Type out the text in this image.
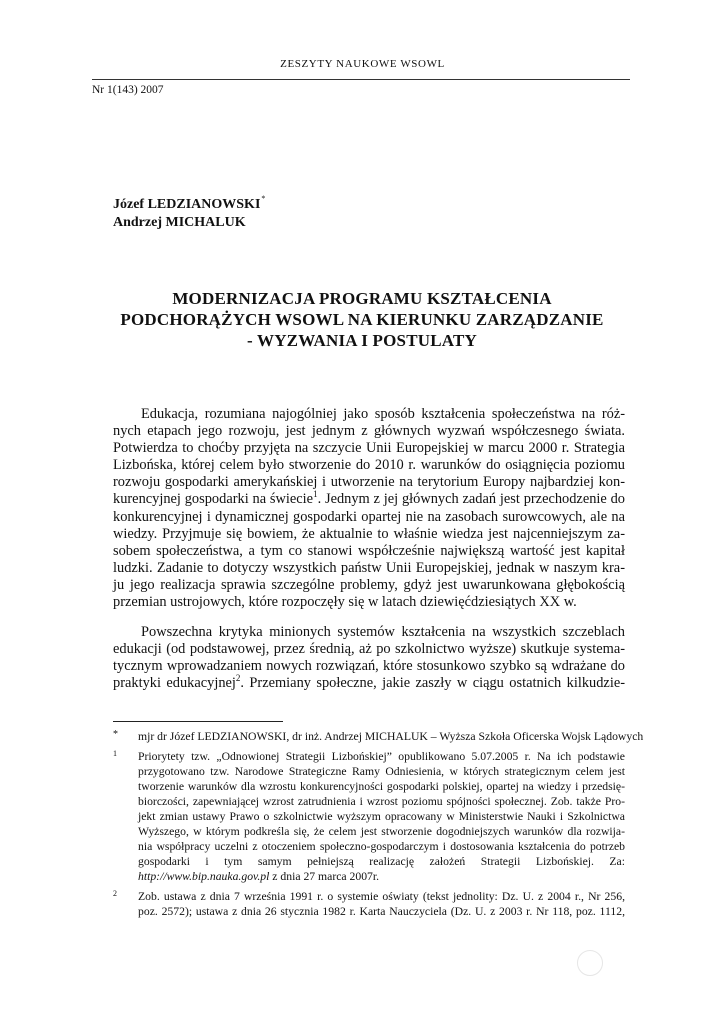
ZESZYTY NAUKOWE WSOWL
Nr 1(143) 2007
Józef LEDZIANOWSKI*
Andrzej MICHALUK
MODERNIZACJA PROGRAMU KSZTAŁCENIA
PODCHORĄŻYCH WSOWL NA KIERUNKU ZARZĄDZANIE
- WYZWANIA I POSTULATY

Edukacja, rozumiana najogólniej jako sposób kształcenia społeczeństwa na róż-
nych etapach jego rozwoju, jest jednym z głównych wyzwań współczesnego świata.
Potwierdza to choćby przyjęta na szczycie Unii Europejskiej w marcu 2000 r. Strategia
Lizbońska, której celem było stworzenie do 2010 r. warunków do osiągnięcia poziomu
rozwoju gospodarki amerykańskiej i utworzenie na terytorium Europy najbardziej kon-
kurencyjnej gospodarki na świecie$^1$. Jednym z jej głównych zadań jest przechodzenie do
konkurencyjnej i dynamicznej gospodarki opartej nie na zasobach surowcowych, ale na
wiedzy. Przyjmuje się bowiem, że aktualnie to właśnie wiedza jest najcenniejszym za-
sobem społeczeństwa, a tym co stanowi współcześnie największą wartość jest kapitał
ludzki. Zadanie to dotyczy wszystkich państw Unii Europejskiej, jednak w naszym kra-
ju jego realizacja sprawia szczególne problemy, gdyż jest uwarunkowana głębokością
przemian ustrojowych, które rozpoczęły się w latach dziewięćdziesiątych XX w.

Powszechna krytyka minionych systemów kształcenia na wszystkich szczeblach
edukacji (od podstawowej, przez średnią, aż po szkolnictwo wyższe) skutkuje systema-
tycznym wprowadzaniem nowych rozwiązań, które stosunkowo szybko są wdrażane do
praktyki edukacyjnej$^2$. Przemiany społeczne, jakie zaszły w ciągu ostatnich kilkudzie-

* mjr dr Józef LEDZIANOWSKI, dr inż. Andrzej MICHALUK – Wyższa Szkoła Oficerska Wojsk Lądowych
1 Priorytety tzw. „Odnowionej Strategii Lizbońskiej” opublikowano 5.07.2005 r. Na ich podstawie
przygotowano tzw. Narodowe Strategiczne Ramy Odniesienia, w których strategicznym celem jest
tworzenie warunków dla wzrostu konkurencyjności gospodarki polskiej, opartej na wiedzy i przedsię-
biorczości, zapewniającej wzrost zatrudnienia i wzrost poziomu spójności społecznej. Zob. także Pro-
jekt zmian ustawy Prawo o szkolnictwie wyższym opracowany w Ministerstwie Nauki i Szkolnictwa
Wyższego, w którym podkreśla się, że celem jest stworzenie dogodniejszych warunków dla rozwija-
nia współpracy uczelni z otoczeniem społeczno-gospodarczym i dostosowania kształcenia do potrzeb
gospodarki i tym samym pełniejszą realizację założeń Strategii Lizbońskiej. Za:
http://www.bip.nauka.gov.pl z dnia 27 marca 2007r.
2 Zob. ustawa z dnia 7 września 1991 r. o systemie oświaty (tekst jednolity: Dz. U. z 2004 r., Nr 256,
poz. 2572); ustawa z dnia 26 stycznia 1982 r. Karta Nauczyciela (Dz. U. z 2003 r. Nr 118, poz. 1112,
